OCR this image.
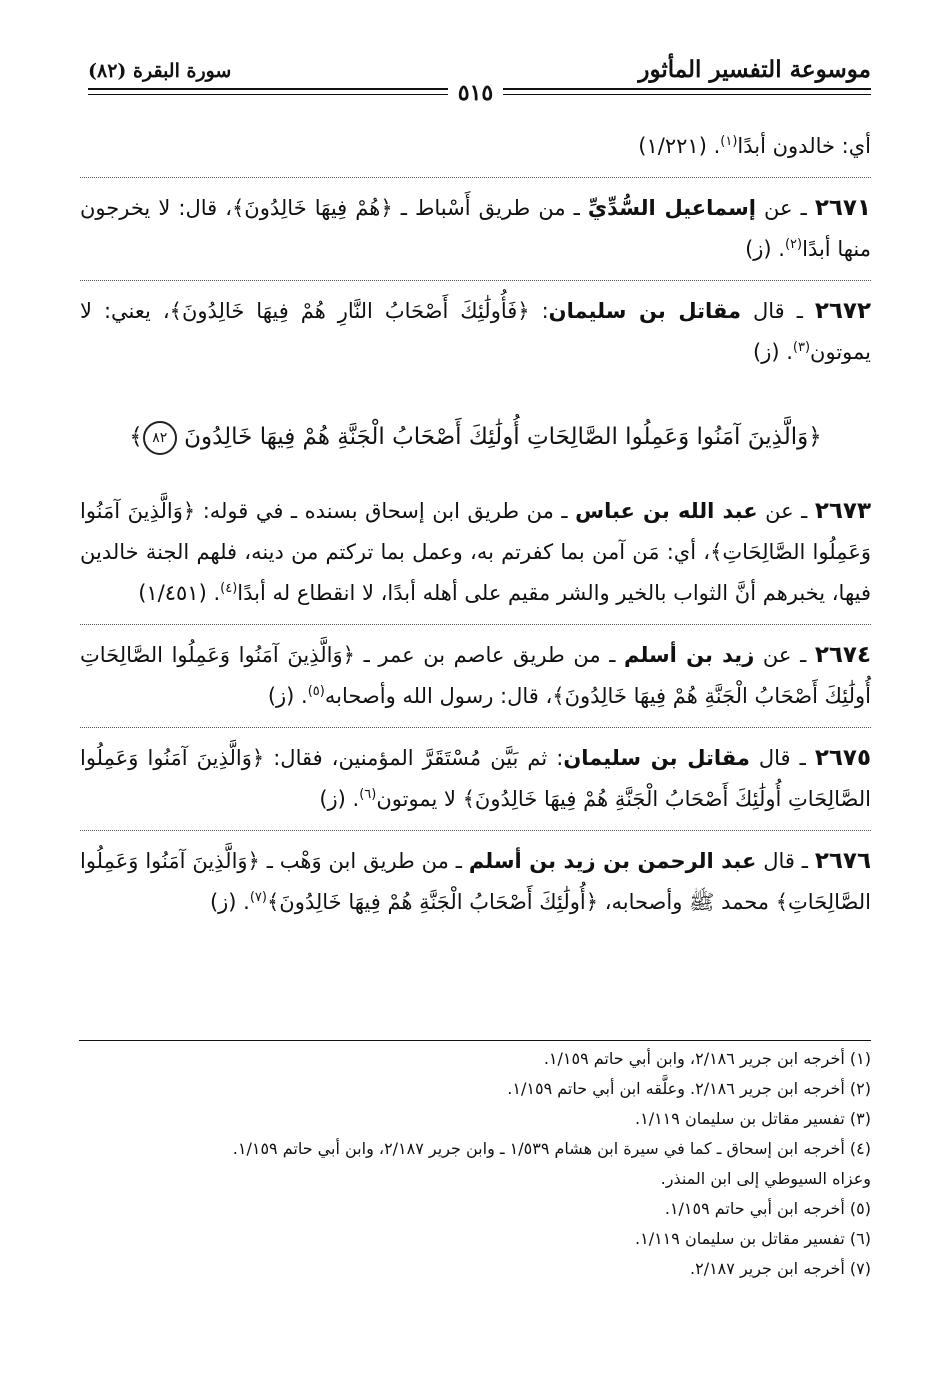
موسوعة التفسير المأثور
سورة البقرة (٨٢)
٥١٥

أي: خالدون أبدًا$^{(١)}$. (١/٢٢١)

٢٦٧١ ـ عن إسماعيل السُّدِّيِّ ـ من طريق أَسْباط ـ ﴿هُمْ فِيهَا خَالِدُونَ﴾، قال: لا يخرجون منها أبدًا$^{(٢)}$. (ز)

٢٦٧٢ ـ قال مقاتل بن سليمان: ﴿فَأُولَٰئِكَ أَصْحَابُ النَّارِ هُمْ فِيهَا خَالِدُونَ﴾، يعني: لا يموتون$^{(٣)}$. (ز)

﴿وَالَّذِينَ آمَنُوا وَعَمِلُوا الصَّالِحَاتِ أُولَٰئِكَ أَصْحَابُ الْجَنَّةِ هُمْ فِيهَا خَالِدُونَ ٨٢﴾

٢٦٧٣ ـ عن عبد الله بن عباس ـ من طريق ابن إسحاق بسنده ـ في قوله: ﴿وَالَّذِينَ آمَنُوا وَعَمِلُوا الصَّالِحَاتِ﴾، أي: مَن آمن بما كفرتم به، وعمل بما تركتم من دينه، فلهم الجنة خالدين فيها، يخبرهم أنَّ الثواب بالخير والشر مقيم على أهله أبدًا، لا انقطاع له أبدًا$^{(٤)}$. (١/٤٥١)

٢٦٧٤ ـ عن زيد بن أسلم ـ من طريق عاصم بن عمر ـ ﴿وَالَّذِينَ آمَنُوا وَعَمِلُوا الصَّالِحَاتِ أُولَٰئِكَ أَصْحَابُ الْجَنَّةِ هُمْ فِيهَا خَالِدُونَ﴾، قال: رسول الله وأصحابه$^{(٥)}$. (ز)

٢٦٧٥ ـ قال مقاتل بن سليمان: ثم بَيَّن مُسْتَقَرَّ المؤمنين، فقال: ﴿وَالَّذِينَ آمَنُوا وَعَمِلُوا الصَّالِحَاتِ أُولَٰئِكَ أَصْحَابُ الْجَنَّةِ هُمْ فِيهَا خَالِدُونَ﴾ لا يموتون$^{(٦)}$. (ز)

٢٦٧٦ ـ قال عبد الرحمن بن زيد بن أسلم ـ من طريق ابن وَهْب ـ ﴿وَالَّذِينَ آمَنُوا وَعَمِلُوا الصَّالِحَاتِ﴾ محمد ﷺ وأصحابه، ﴿أُولَٰئِكَ أَصْحَابُ الْجَنَّةِ هُمْ فِيهَا خَالِدُونَ﴾$^{(٧)}$. (ز)

(١) أخرجه ابن جرير ٢/١٨٦، وابن أبي حاتم ١/١٥٩.

(٢) أخرجه ابن جرير ٢/١٨٦. وعلَّقه ابن أبي حاتم ١/١٥٩.

(٣) تفسير مقاتل بن سليمان ١/١١٩.

(٤) أخرجه ابن إسحاق ـ كما في سيرة ابن هشام ١/٥٣٩ ـ وابن جرير ٢/١٨٧، وابن أبي حاتم ١/١٥٩.

وعزاه السيوطي إلى ابن المنذر.

(٥) أخرجه ابن أبي حاتم ١/١٥٩.

(٦) تفسير مقاتل بن سليمان ١/١١٩.

(٧) أخرجه ابن جرير ٢/١٨٧.
